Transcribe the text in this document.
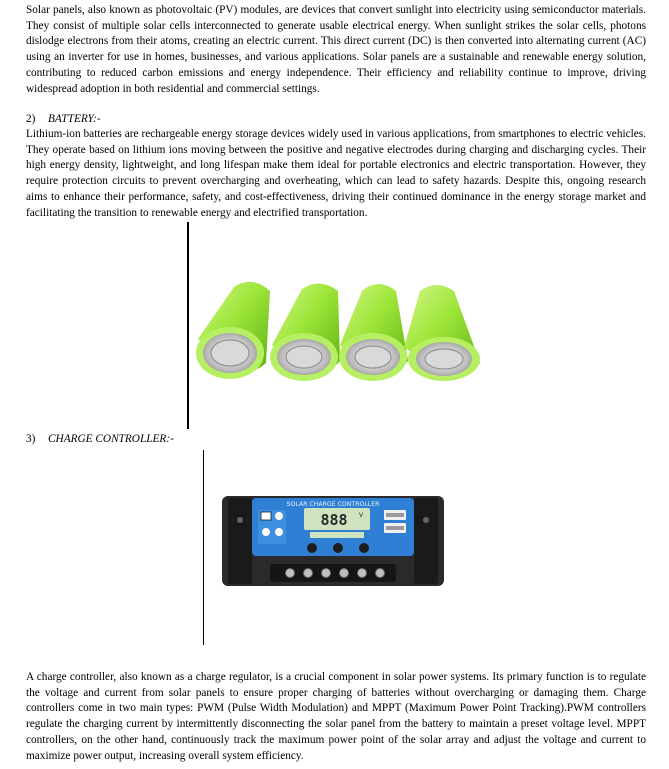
Solar panels, also known as photovoltaic (PV) modules, are devices that convert sunlight into electricity using semiconductor materials. They consist of multiple solar cells interconnected to generate usable electrical energy. When sunlight strikes the solar cells, photons dislodge electrons from their atoms, creating an electric current. This direct current (DC) is then converted into alternating current (AC) using an inverter for use in homes, businesses, and various applications. Solar panels are a sustainable and renewable energy solution, contributing to reduced carbon emissions and energy independence. Their efficiency and reliability continue to improve, driving widespread adoption in both residential and commercial settings.

2) BATTERY:-

Lithium-ion batteries are rechargeable energy storage devices widely used in various applications, from smartphones to electric vehicles. They operate based on lithium ions moving between the positive and negative electrodes during charging and discharging cycles. Their high energy density, lightweight, and long lifespan make them ideal for portable electronics and electric transportation. However, they require protection circuits to prevent overcharging and overheating, which can lead to safety hazards. Despite this, ongoing research aims to enhance their performance, safety, and cost-effectiveness, driving their continued dominance in the energy storage market and facilitating the transition to renewable energy and electrified transportation.

3) CHARGE CONTROLLER:-

SOLAR CHARGE CONTROLLER
888 V

A charge controller, also known as a charge regulator, is a crucial component in solar power systems. Its primary function is to regulate the voltage and current from solar panels to ensure proper charging of batteries without overcharging or damaging them. Charge controllers come in two main types: PWM (Pulse Width Modulation) and MPPT (Maximum Power Point Tracking).PWM controllers regulate the charging current by intermittently disconnecting the solar panel from the battery to maintain a preset voltage level. MPPT controllers, on the other hand, continuously track the maximum power point of the solar array and adjust the voltage and current to maximize power output, increasing overall system efficiency.
